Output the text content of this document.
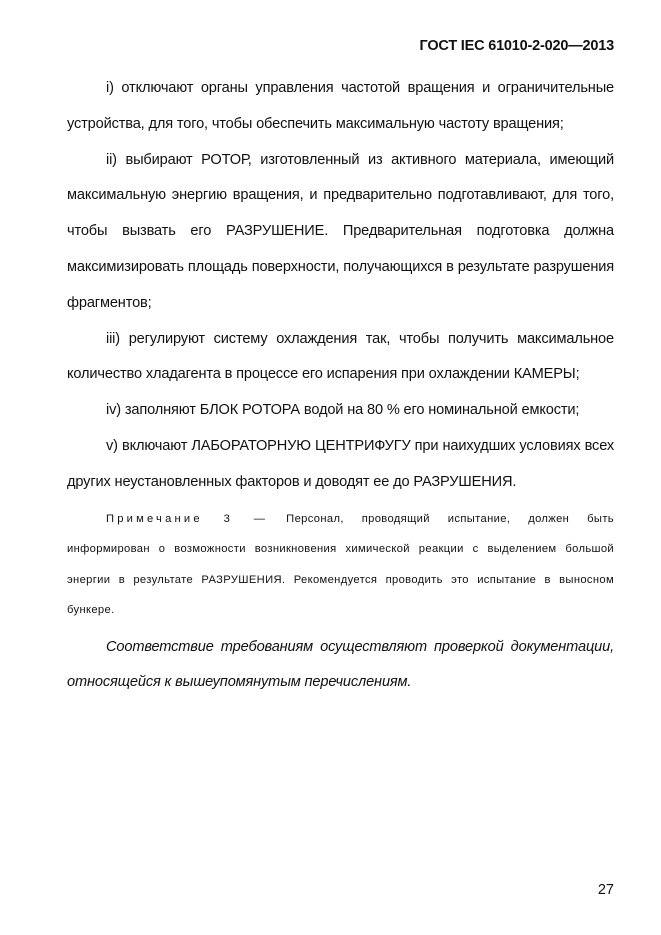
ГОСТ IEC 61010-2-020—2013

i) отключают органы управления частотой вращения и ограничительные устройства, для того, чтобы обеспечить максимальную частоту вращения;

ii) выбирают РОТОР, изготовленный из активного материала, имеющий максимальную энергию вращения, и предварительно подготавливают, для того, чтобы вызвать его РАЗРУШЕНИЕ. Предварительная подготовка должна максимизировать площадь поверхности, получающихся в результате разрушения фрагментов;

iii) регулируют систему охлаждения так, чтобы получить максимальное количество хладагента в процессе его испарения при охлаждении КАМЕРЫ;

iv) заполняют БЛОК РОТОРА водой на 80 % его номинальной емкости;

v) включают ЛАБОРАТОРНУЮ ЦЕНТРИФУГУ при наихудших условиях всех других неустановленных факторов и доводят ее до РАЗРУШЕНИЯ.

Примечание 3 — Персонал, проводящий испытание, должен быть информирован о возможности возникновения химической реакции с выделением большой энергии в результате РАЗРУШЕНИЯ. Рекомендуется проводить это испытание в выносном бункере.

Соответствие требованиям осуществляют проверкой документации, относящейся к вышеупомянутым перечислениям.

27
